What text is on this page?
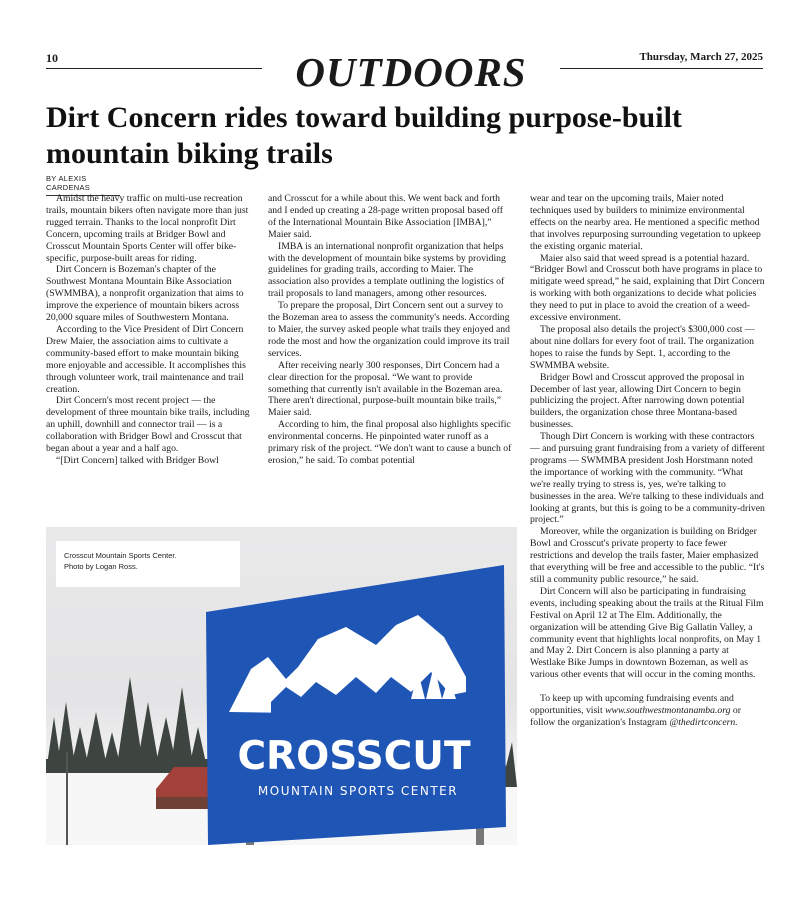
10	OUTDOORS	Thursday, March 27, 2025
Dirt Concern rides toward building purpose-built
mountain biking trails
BY ALEXIS CARDENAS

Amidst the heavy traffic on multi-use recreation trails, mountain bikers often navigate more than just rugged terrain. Thanks to the local nonprofit Dirt Concern, upcoming trails at Bridger Bowl and Crosscut Mountain Sports Center will offer bike-specific, purpose-built areas for riding.

Dirt Concern is Bozeman's chapter of the Southwest Montana Mountain Bike Association (SWMMBA), a nonprofit organization that aims to improve the experience of mountain bikers across 20,000 square miles of Southwestern Montana.

According to the Vice President of Dirt Concern Drew Maier, the association aims to cultivate a community-based effort to make mountain biking more enjoyable and accessible. It accomplishes this through volunteer work, trail maintenance and trail creation.

Dirt Concern's most recent project — the development of three mountain bike trails, including an uphill, downhill and connector trail — is a collaboration with Bridger Bowl and Crosscut that began about a year and a half ago.

“[Dirt Concern] talked with Bridger Bowl

and Crosscut for a while about this. We went back and forth and I ended up creating a 28-page written proposal based off of the International Mountain Bike Association [IMBA],” Maier said.

IMBA is an international nonprofit organization that helps with the development of mountain bike systems by providing guidelines for grading trails, according to Maier. The association also provides a template outlining the logistics of trail proposals to land managers, among other resources.

To prepare the proposal, Dirt Concern sent out a survey to the Bozeman area to assess the community's needs. According to Maier, the survey asked people what trails they enjoyed and rode the most and how the organization could improve its trail services.

After receiving nearly 300 responses, Dirt Concern had a clear direction for the proposal. “We want to provide something that currently isn't available in the Bozeman area. There aren't directional, purpose-built mountain bike trails,” Maier said.

According to him, the final proposal also highlights specific environmental concerns. He pinpointed water runoff as a primary risk of the project. “We don't want to cause a bunch of erosion,” he said. To combat potential

wear and tear on the upcoming trails, Maier noted techniques used by builders to minimize environmental effects on the nearby area. He mentioned a specific method that involves repurposing surrounding vegetation to upkeep the existing organic material.

Maier also said that weed spread is a potential hazard. “Bridger Bowl and Crosscut both have programs in place to mitigate weed spread,” he said, explaining that Dirt Concern is working with both organizations to decide what policies they need to put in place to avoid the creation of a weed-excessive environment.

The proposal also details the project's $300,000 cost — about nine dollars for every foot of trail. The organization hopes to raise the funds by Sept. 1, according to the SWMMBA website.

Bridger Bowl and Crosscut approved the proposal in December of last year, allowing Dirt Concern to begin publicizing the project. After narrowing down potential builders, the organization chose three Montana-based businesses.

Though Dirt Concern is working with these contractors — and pursuing grant fundraising from a variety of different programs — SWMMBA president Josh Horstmann noted the importance of working with the community. “What we're really trying to stress is, yes, we're talking to businesses in the area. We're talking to these individuals and looking at grants, but this is going to be a community-driven project.”

Moreover, while the organization is building on Bridger Bowl and Crosscut's private property to face fewer restrictions and develop the trails faster, Maier emphasized that everything will be free and accessible to the public. “It's still a community public resource,” he said.

Dirt Concern will also be participating in fundraising events, including speaking about the trails at the Ritual Film Festival on April 12 at The Elm. Additionally, the organization will be attending Give Big Gallatin Valley, a community event that highlights local nonprofits, on May 1 and May 2. Dirt Concern is also planning a party at Westlake Bike Jumps in downtown Bozeman, as well as various other events that will occur in the coming months.

To keep up with upcoming fundraising events and opportunities, visit www.southwestmontanamba.org or follow the organization's Instagram @thedirtconcern.

CROSSCUT
MOUNTAIN SPORTS CENTER
Crosscut Mountain Sports Center.
Photo by Logan Ross.
